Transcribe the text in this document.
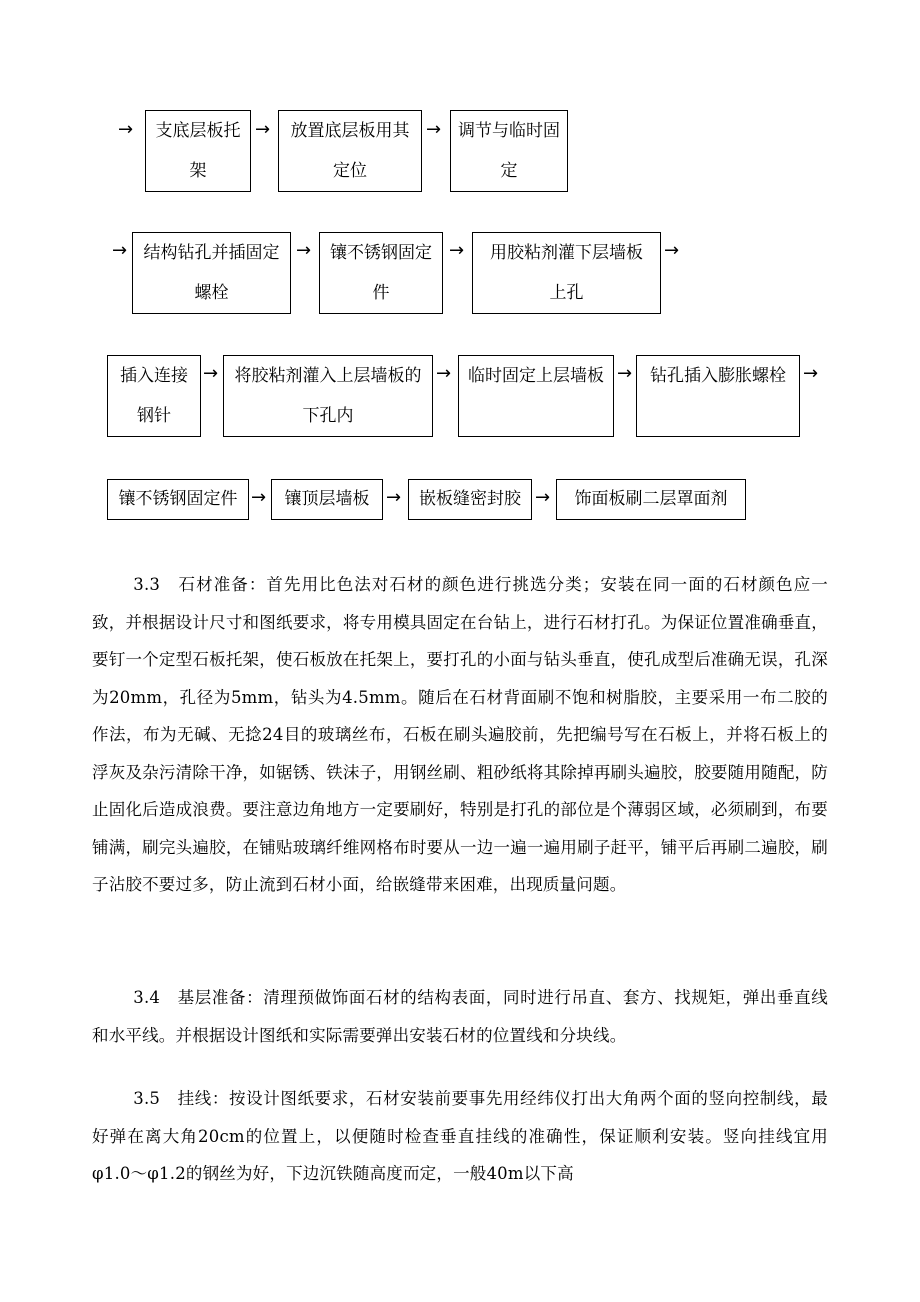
→	支底层板托
架
→	放置底层板用其
定位
→ 调节与临时固
定
→ 结构钻孔并插固定
螺栓
→	镶不锈钢固定
件
→	用胶粘剂灌下层墙板
上孔
→
插入连接
钢针
→ 将胶粘剂灌入上层墙板的
下孔内
→ 临时固定上层墙板 →	钻孔插入膨胀螺栓 →
镶不锈钢固定件 →	镶顶层墙板 →	嵌板缝密封胶 →	饰面板刷二层罩面剂

3.3　石材准备：首先用比色法对石材的颜色进行挑选分类；安装在同一面的石材颜色应一致，并根据设计尺寸和图纸要求，将专用模具固定在台钻上，进行石材打孔。为保证位置准确垂直，要钉一个定型石板托架，使石板放在托架上，要打孔的小面与钻头垂直，使孔成型后准确无误，孔深为20mm，孔径为5mm，钻头为4.5mm。随后在石材背面刷不饱和树脂胶，主要采用一布二胶的作法，布为无碱、无捻24目的玻璃丝布，石板在刷头遍胶前，先把编号写在石板上，并将石板上的浮灰及杂污清除干净，如锯锈、铁沫子，用钢丝刷、粗砂纸将其除掉再刷头遍胶，胶要随用随配，防止固化后造成浪费。要注意边角地方一定要刷好，特别是打孔的部位是个薄弱区域，必须刷到，布要铺满，刷完头遍胶，在铺贴玻璃纤维网格布时要从一边一遍一遍用刷子赶平，铺平后再刷二遍胶，刷子沾胶不要过多，防止流到石材小面，给嵌缝带来困难，出现质量问题。

3.4　基层准备：清理预做饰面石材的结构表面，同时进行吊直、套方、找规矩，弹出垂直线和水平线。并根据设计图纸和实际需要弹出安装石材的位置线和分块线。

3.5　挂线：按设计图纸要求，石材安装前要事先用经纬仪打出大角两个面的竖向控制线，最好弹在离大角20cm的位置上，以便随时检查垂直挂线的准确性，保证顺利安装。竖向挂线宜用φ1.0～φ1.2的钢丝为好，下边沉铁随高度而定，一般40m以下高
